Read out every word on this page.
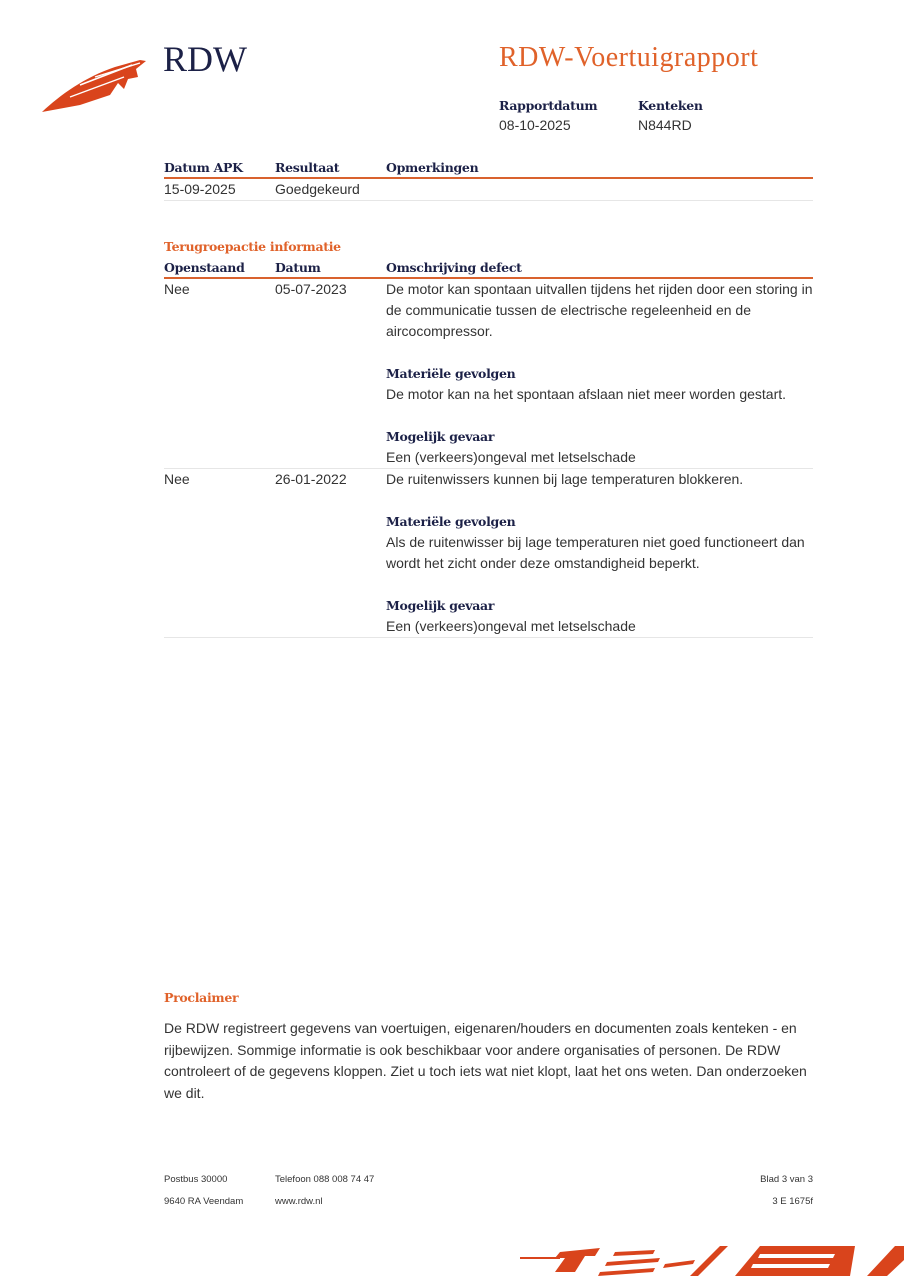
RDW	RDW-Voertuigrapport
Rapportdatum
08-10-2025
Kenteken
N844RD
Datum APK	Resultaat	Opmerkingen
15-09-2025	Goedgekeurd
Terugroepactie informatie
Openstaand	Datum	Omschrijving defect
Nee	05-07-2023	De motor kan spontaan uitvallen tijdens het rijden door een storing in de communicatie tussen de electrische regeleenheid en de aircocompressor.
Materiële gevolgen
De motor kan na het spontaan afslaan niet meer worden gestart.
Mogelijk gevaar
Een (verkeers)ongeval met letselschade
Nee	26-01-2022	De ruitenwissers kunnen bij lage temperaturen blokkeren.
Materiële gevolgen
Als de ruitenwisser bij lage temperaturen niet goed functioneert dan wordt het zicht onder deze omstandigheid beperkt.
Mogelijk gevaar
Een (verkeers)ongeval met letselschade
Proclaimer
De RDW registreert gegevens van voertuigen, eigenaren/houders en documenten zoals kenteken - en rijbewijzen. Sommige informatie is ook beschikbaar voor andere organisaties of personen. De RDW controleert of de gegevens kloppen. Ziet u toch iets wat niet klopt, laat het ons weten. Dan onderzoeken we dit.
Postbus 30000
9640 RA Veendam
Telefoon 088 008 74 47
www.rdw.nl
Blad 3 van 3
3 E 1675f
